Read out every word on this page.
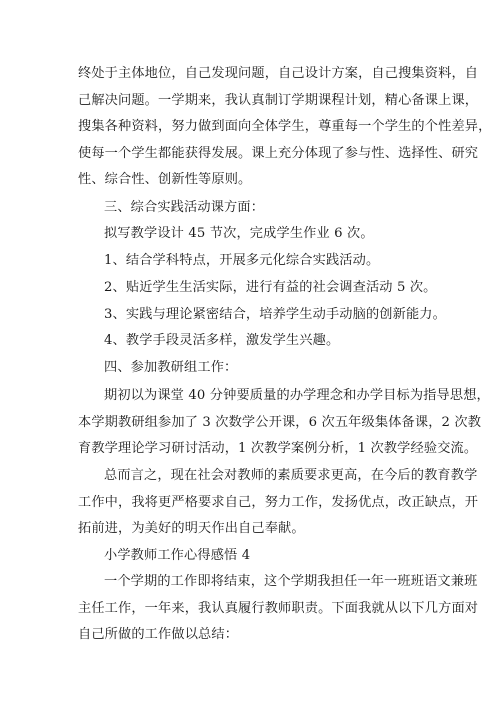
终处于主体地位，自己发现问题，自己设计方案，自己搜集资料，自
己解决问题。一学期来，我认真制订学期课程计划，精心备课上课，
搜集各种资料，努力做到面向全体学生，尊重每一个学生的个性差异，
使每一个学生都能获得发展。课上充分体现了参与性、选择性、研究
性、综合性、创新性等原则。
三、综合实践活动课方面：
拟写教学设计 45 节次，完成学生作业 6 次。
1、结合学科特点，开展多元化综合实践活动。
2、贴近学生生活实际，进行有益的社会调查活动 5 次。
3、实践与理论紧密结合，培养学生动手动脑的创新能力。
4、教学手段灵活多样，激发学生兴趣。
四、参加教研组工作：
期初以为课堂 40 分钟要质量的办学理念和办学目标为指导思想，
本学期教研组参加了 3 次数学公开课，6 次五年级集体备课，2 次教
育教学理论学习研讨活动，1 次教学案例分析，1 次教学经验交流。
总而言之，现在社会对教师的素质要求更高，在今后的教育教学
工作中，我将更严格要求自己，努力工作，发扬优点，改正缺点，开
拓前进，为美好的明天作出自己奉献。
小学教师工作心得感悟 4
一个学期的工作即将结束，这个学期我担任一年一班班语文兼班
主任工作，一年来，我认真履行教师职责。下面我就从以下几方面对
自己所做的工作做以总结：
